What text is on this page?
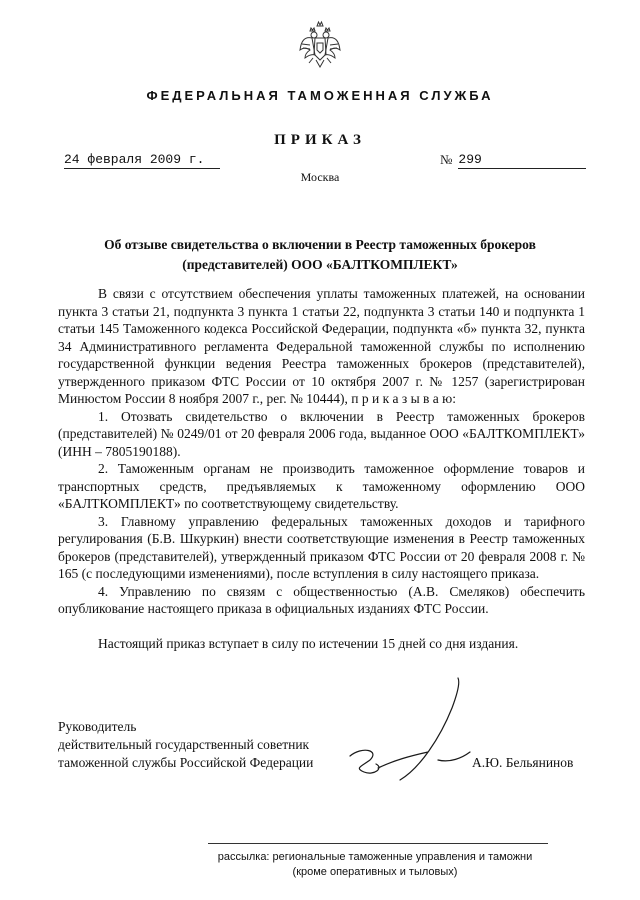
ФЕДЕРАЛЬНАЯ ТАМОЖЕННАЯ СЛУЖБА
ПРИКАЗ
24 февраля 2009 г.	№ 299
Москва
Об отзыве свидетельства о включении в Реестр таможенных брокеров
(представителей) ООО «БАЛТКОМПЛЕКТ»

В связи с отсутствием обеспечения уплаты таможенных платежей, на основании пункта 3 статьи 21, подпункта 3 пункта 1 статьи 22, подпункта 3 статьи 140 и подпункта 1 статьи 145 Таможенного кодекса Российской Федерации, подпункта «б» пункта 32, пункта 34 Административного регламента Федеральной таможенной службы по исполнению государственной функции ведения Реестра таможенных брокеров (представителей), утвержденного приказом ФТС России от 10 октября 2007 г. № 1257 (зарегистрирован Минюстом России 8 ноября 2007 г., рег. № 10444), п р и к а з ы в а ю:

1. Отозвать свидетельство о включении в Реестр таможенных брокеров (представителей) № 0249/01 от 20 февраля 2006 года, выданное ООО «БАЛТКОМПЛЕКТ» (ИНН – 7805190188).

2. Таможенным органам не производить таможенное оформление товаров и транспортных средств, предъявляемых к таможенному оформлению ООО «БАЛТКОМПЛЕКТ» по соответствующему свидетельству.

3. Главному управлению федеральных таможенных доходов и тарифного регулирования (Б.В. Шкуркин) внести соответствующие изменения в Реестр таможенных брокеров (представителей), утвержденный приказом ФТС России от 20 февраля 2008 г. № 165 (с последующими изменениями), после вступления в силу настоящего приказа.

4. Управлению по связям с общественностью (А.В. Смеляков) обеспечить опубликование настоящего приказа в официальных изданиях ФТС России.

Настоящий приказ вступает в силу по истечении 15 дней со дня издания.

Руководитель
действительный государственный советник
таможенной службы Российской Федерации	А.Ю. Бельянинов
рассылка: региональные таможенные управления и таможни
(кроме оперативных и тыловых)
